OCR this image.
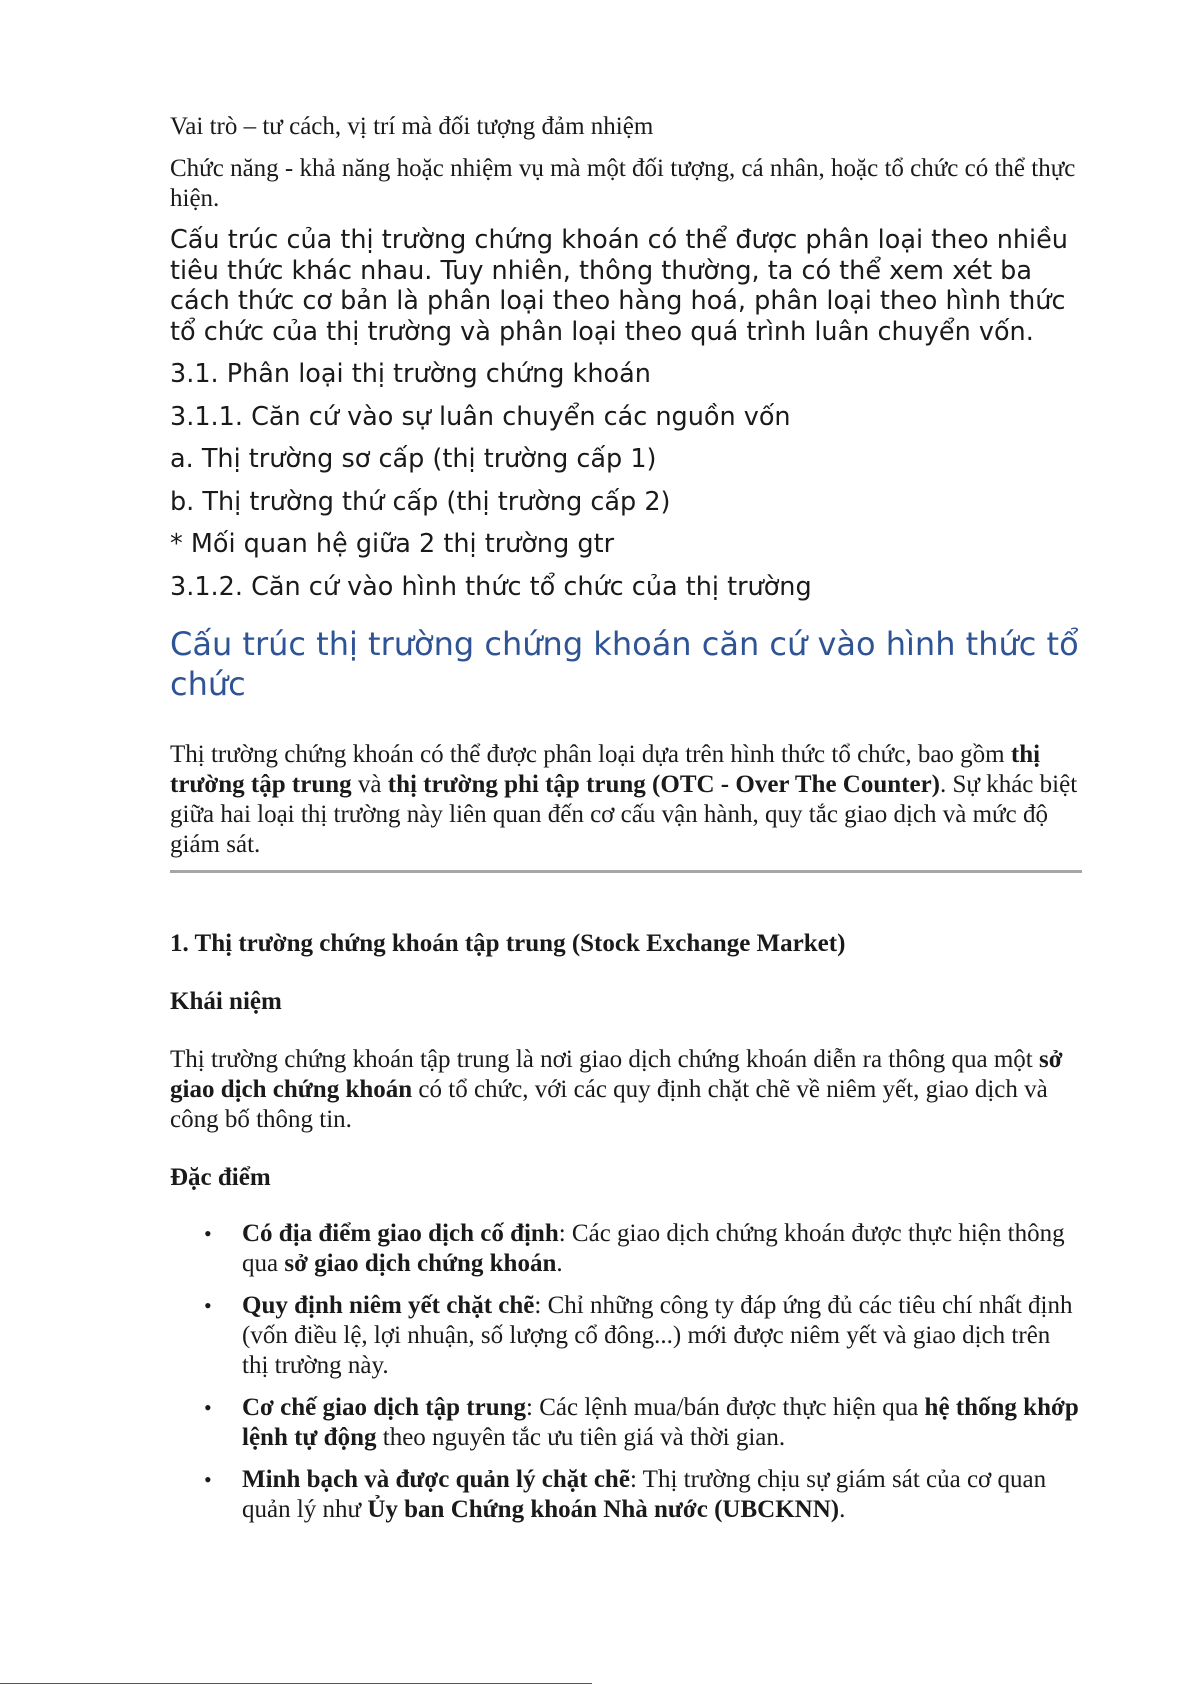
Vai trò – tư cách, vị trí mà đối tượng đảm nhiệm

Chức năng - khả năng hoặc nhiệm vụ mà một đối tượng, cá nhân, hoặc tổ chức có thể thực hiện.

Cấu trúc của thị trường chứng khoán có thể được phân loại theo nhiều tiêu thức khác nhau. Tuy nhiên, thông thường, ta có thể xem xét ba cách thức cơ bản là phân loại theo hàng hoá, phân loại theo hình thức tổ chức của thị trường và phân loại theo quá trình luân chuyển vốn.

3.1. Phân loại thị trường chứng khoán

3.1.1. Căn cứ vào sự luân chuyển các nguồn vốn

a. Thị trường sơ cấp (thị trường cấp 1)

b. Thị trường thứ cấp (thị trường cấp 2)

* Mối quan hệ giữa 2 thị trường gtr

3.1.2. Căn cứ vào hình thức tổ chức của thị trường

Cấu trúc thị trường chứng khoán căn cứ vào hình thức tổ chức

Thị trường chứng khoán có thể được phân loại dựa trên hình thức tổ chức, bao gồm thị trường tập trung và thị trường phi tập trung (OTC - Over The Counter). Sự khác biệt giữa hai loại thị trường này liên quan đến cơ cấu vận hành, quy tắc giao dịch và mức độ giám sát.

1. Thị trường chứng khoán tập trung (Stock Exchange Market)

Khái niệm

Thị trường chứng khoán tập trung là nơi giao dịch chứng khoán diễn ra thông qua một sở giao dịch chứng khoán có tổ chức, với các quy định chặt chẽ về niêm yết, giao dịch và công bố thông tin.

Đặc điểm

• Có địa điểm giao dịch cố định: Các giao dịch chứng khoán được thực hiện thông qua sở giao dịch chứng khoán.
• Quy định niêm yết chặt chẽ: Chỉ những công ty đáp ứng đủ các tiêu chí nhất định (vốn điều lệ, lợi nhuận, số lượng cổ đông...) mới được niêm yết và giao dịch trên thị trường này.
• Cơ chế giao dịch tập trung: Các lệnh mua/bán được thực hiện qua hệ thống khớp lệnh tự động theo nguyên tắc ưu tiên giá và thời gian.
• Minh bạch và được quản lý chặt chẽ: Thị trường chịu sự giám sát của cơ quan quản lý như Ủy ban Chứng khoán Nhà nước (UBCKNN).
